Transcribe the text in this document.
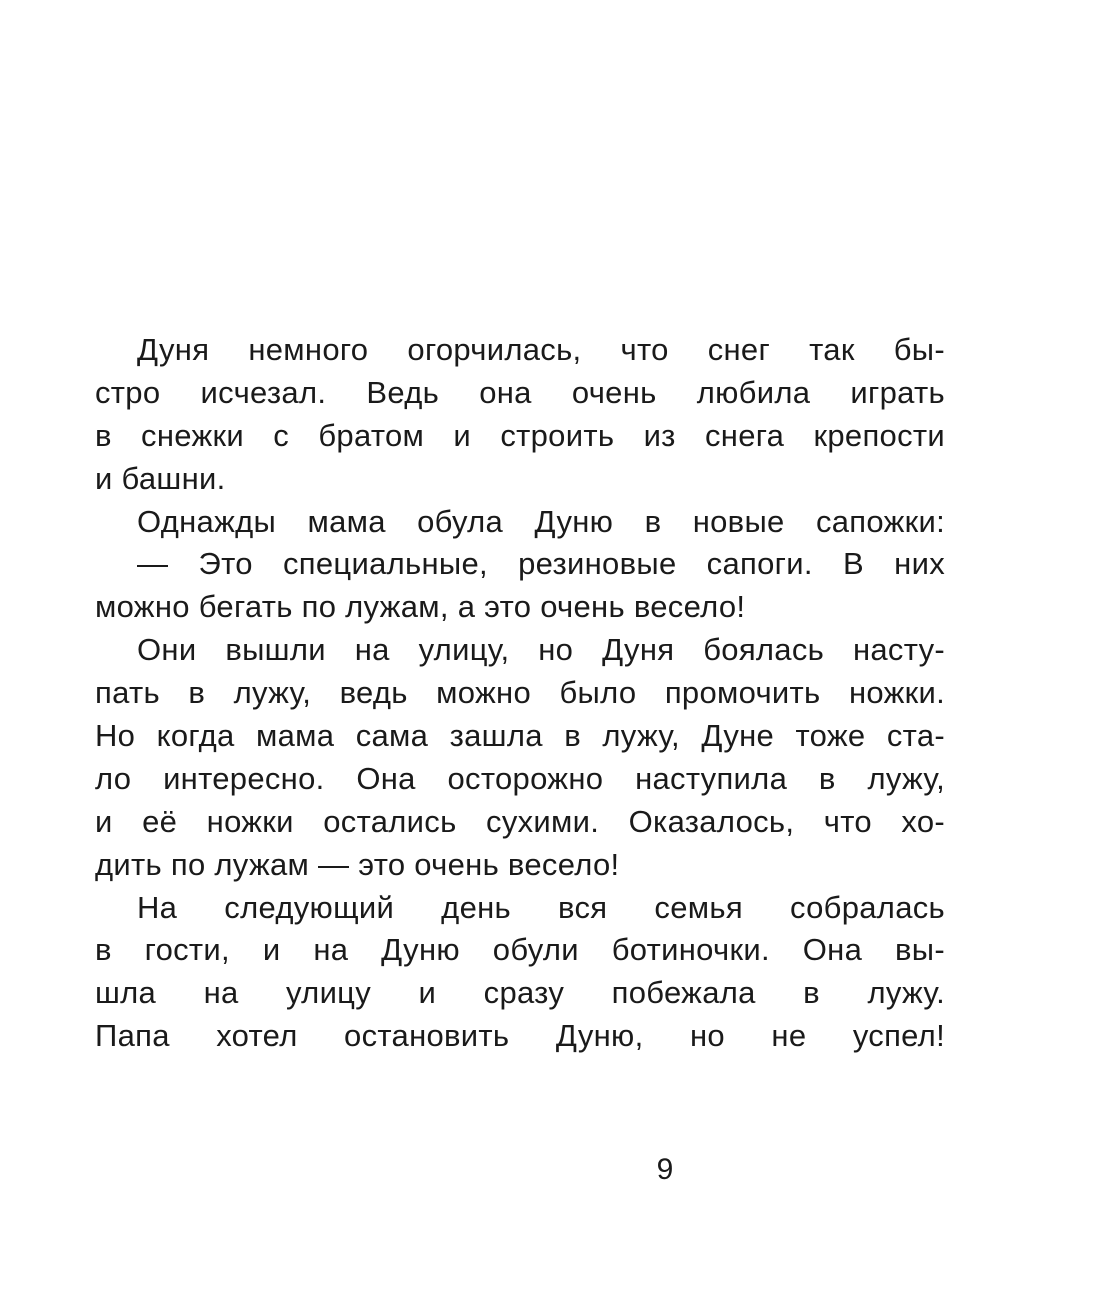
Дуня немного огорчилась, что снег так бы-
стро исчезал. Ведь она очень любила играть
в снежки с братом и строить из снега крепости
и башни.
Однажды мама обула Дуню в новые сапожки:
— Это специальные, резиновые сапоги. В них
можно бегать по лужам, а это очень весело!
Они вышли на улицу, но Дуня боялась насту-
пать в лужу, ведь можно было промочить ножки.
Но когда мама сама зашла в лужу, Дуне тоже ста-
ло интересно. Она осторожно наступила в лужу,
и её ножки остались сухими. Оказалось, что хо-
дить по лужам — это очень весело!
На следующий день вся семья собралась
в гости, и на Дуню обули ботиночки. Она вы-
шла на улицу и сразу побежала в лужу.
Папа хотел остановить Дуню, но не успел!
9
